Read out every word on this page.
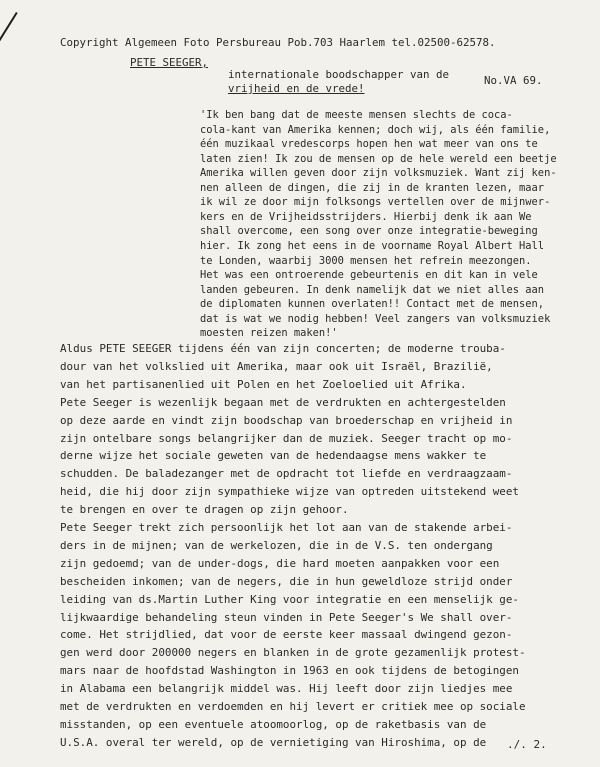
Copyright Algemeen Foto Persbureau Pob.703 Haarlem tel.02500-62578.
PETE SEEGER,
internationale boodschapper van de
vrijheid en de vrede!
No.VA 69.
'Ik ben bang dat de meeste mensen slechts de coca-
cola-kant van Amerika kennen; doch wij, als één familie,
één muzikaal vredescorps hopen hen wat meer van ons te
laten zien! Ik zou de mensen op de hele wereld een beetje
Amerika willen geven door zijn volksmuziek. Want zij ken-
nen alleen de dingen, die zij in de kranten lezen, maar
ik wil ze door mijn folksongs vertellen over de mijnwer-
kers en de Vrijheidsstrijders. Hierbij denk ik aan We
shall overcome, een song over onze integratie-beweging
hier. Ik zong het eens in de voorname Royal Albert Hall
te Londen, waarbij 3000 mensen het refrein meezongen.
Het was een ontroerende gebeurtenis en dit kan in vele
landen gebeuren. In denk namelijk dat we niet alles aan
de diplomaten kunnen overlaten!! Contact met de mensen,
dat is wat we nodig hebben! Veel zangers van volksmuziek
moesten reizen maken!'
Aldus PETE SEEGER tijdens één van zijn concerten; de moderne trouba-
dour van het volkslied uit Amerika, maar ook uit Israël, Brazilië,
van het partisanenlied uit Polen en het Zoeloelied uit Afrika.
Pete Seeger is wezenlijk begaan met de verdrukten en achtergestelden
op deze aarde en vindt zijn boodschap van broederschap en vrijheid in
zijn ontelbare songs belangrijker dan de muziek. Seeger tracht op mo-
derne wijze het sociale geweten van de hedendaagse mens wakker te
schudden. De baladezanger met de opdracht tot liefde en verdraagzaam-
heid, die hij door zijn sympathieke wijze van optreden uitstekend weet
te brengen en over te dragen op zijn gehoor.
Pete Seeger trekt zich persoonlijk het lot aan van de stakende arbei-
ders in de mijnen; van de werkelozen, die in de V.S. ten ondergang
zijn gedoemd; van de under-dogs, die hard moeten aanpakken voor een
bescheiden inkomen; van de negers, die in hun geweldloze strijd onder
leiding van ds.Martin Luther King voor integratie en een menselijk ge-
lijkwaardige behandeling steun vinden in Pete Seeger's We shall over-
come. Het strijdlied, dat voor de eerste keer massaal dwingend gezon-
gen werd door 200000 negers en blanken in de grote gezamenlijk protest-
mars naar de hoofdstad Washington in 1963 en ook tijdens de betogingen
in Alabama een belangrijk middel was. Hij leeft door zijn liedjes mee
met de verdrukten en verdoemden en hij levert er critiek mee op sociale
misstanden, op een eventuele atoomoorlog, op de raketbasis van de
U.S.A. overal ter wereld, op de vernietiging van Hiroshima, op de ./. 2.
